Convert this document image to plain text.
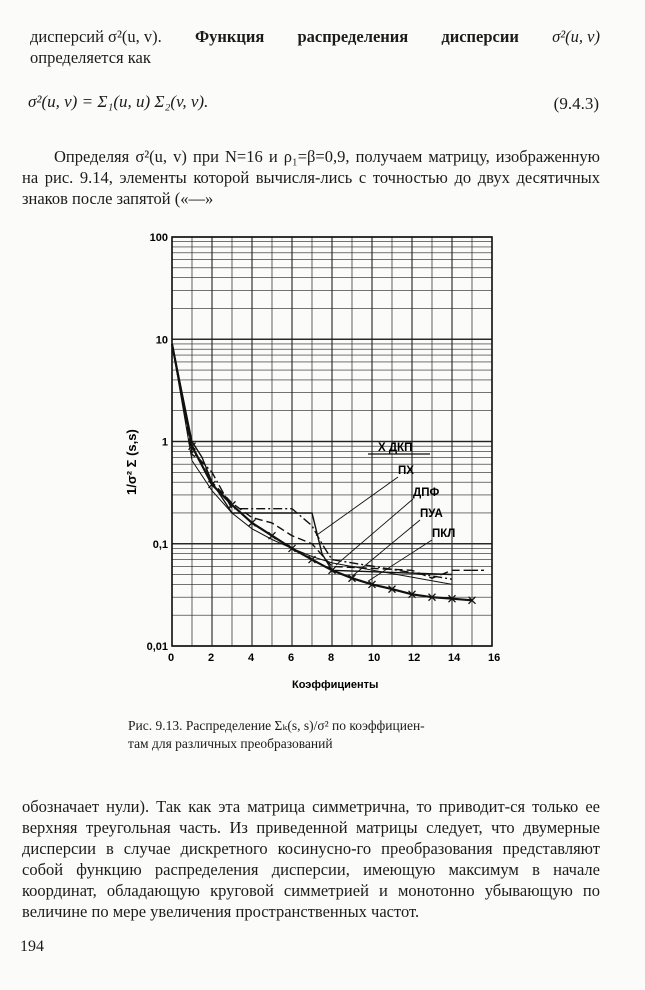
дисперсий σ²(u, v). Функция распределения дисперсии σ²(u, v)
определяется как
σ²(u, v) = Σ₁(u, u) Σ₂(v, v).	(9.4.3)
Определяя σ²(u, v) при N=16 и ρ₁=β=0,9, получаем матрицу, изображенную на рис. 9.14, элементы которой вычисля-лись с точностью до двух десятичных знаков после запятой («—»
0	2	4	6	8	10	12	14	16
0,01
0,1
1
10
100
X ДКП
ПХ
ДПФ
ПУА
ПКЛ
Коэффициенты
1/σ² Σ (s,s)
Рис. 9.13. Распределение Σₖ(s, s)/σ² по коэффициен-
там для различных преобразований
обозначает нули). Так как эта матрица симметрична, то приводит-ся только ее верхняя треугольная часть. Из приведенной матрицы следует, что двумерные дисперсии в случае дискретного косинусно-го преобразования представляют собой функцию распределения дисперсии, имеющую максимум в начале координат, обладающую круговой симметрией и монотонно убывающую по величине по мере увеличения пространственных частот.
194
